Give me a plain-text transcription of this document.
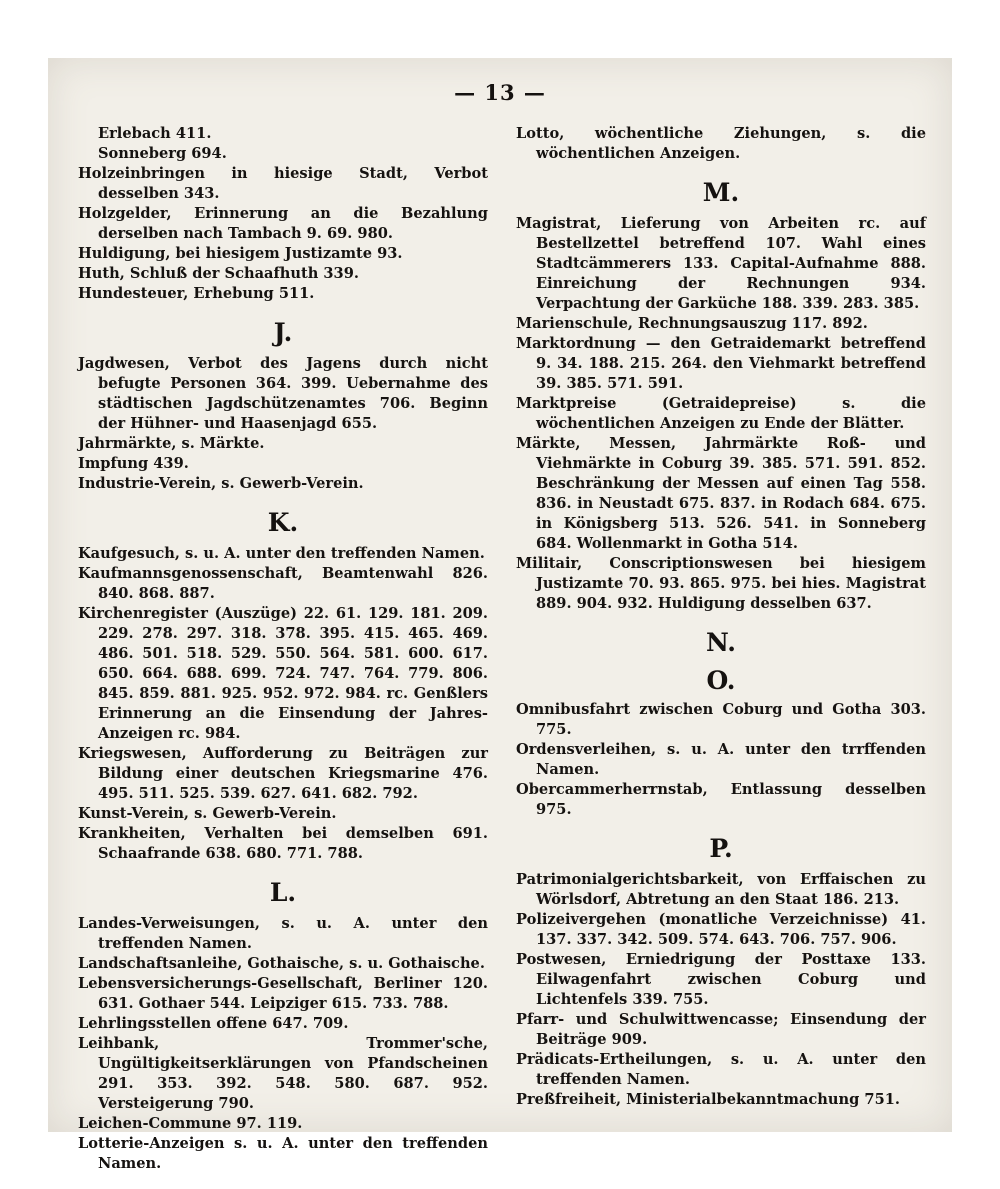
— 13 —

Erlebach 411.

Sonneberg 694.

Holzeinbringen in hiesige Stadt, Verbot desselben 343.

Holzgelder, Erinnerung an die Bezahlung derselben nach Tambach 9. 69. 980.

Huldigung, bei hiesigem Justizamte 93.

Huth, Schluß der Schaafhuth 339.

Hundesteuer, Erhebung 511.

J.

Jagdwesen, Verbot des Jagens durch nicht befugte Personen 364. 399. Uebernahme des städtischen Jagdschützenamtes 706. Beginn der Hühner- und Haasenjagd 655.

Jahrmärkte, s. Märkte.

Impfung 439.

Industrie-Verein, s. Gewerb-Verein.

K.

Kaufgesuch, s. u. A. unter den treffenden Namen.

Kaufmannsgenossenschaft, Beamtenwahl 826. 840. 868. 887.

Kirchenregister (Auszüge) 22. 61. 129. 181. 209. 229. 278. 297. 318. 378. 395. 415. 465. 469. 486. 501. 518. 529. 550. 564. 581. 600. 617. 650. 664. 688. 699. 724. 747. 764. 779. 806. 845. 859. 881. 925. 952. 972. 984. rc. Genßlers Erinnerung an die Einsendung der Jahres-Anzeigen rc. 984.

Kriegswesen, Aufforderung zu Beiträgen zur Bildung einer deutschen Kriegsmarine 476. 495. 511. 525. 539. 627. 641. 682. 792.

Kunst-Verein, s. Gewerb-Verein.

Krankheiten, Verhalten bei demselben 691. Schaafrande 638. 680. 771. 788.

L.

Landes-Verweisungen, s. u. A. unter den treffenden Namen.

Landschaftsanleihe, Gothaische, s. u. Gothaische.

Lebensversicherungs-Gesellschaft, Berliner 120. 631. Gothaer 544. Leipziger 615. 733. 788.

Lehrlingsstellen offene 647. 709.

Leihbank, Trommer'sche, Ungültigkeitserklärungen von Pfandscheinen 291. 353. 392. 548. 580. 687. 952. Versteigerung 790.

Leichen-Commune 97. 119.

Lotterie-Anzeigen s. u. A. unter den treffenden Namen.

Lotto, wöchentliche Ziehungen, s. die wöchentlichen Anzeigen.

M.

Magistrat, Lieferung von Arbeiten rc. auf Bestellzettel betreffend 107. Wahl eines Stadtcämmerers 133. Capital-Aufnahme 888. Einreichung der Rechnungen 934. Verpachtung der Garküche 188. 339. 283. 385.

Marienschule, Rechnungsauszug 117. 892.

Marktordnung — den Getraidemarkt betreffend 9. 34. 188. 215. 264. den Viehmarkt betreffend 39. 385. 571. 591.

Marktpreise (Getraidepreise) s. die wöchentlichen Anzeigen zu Ende der Blätter.

Märkte, Messen, Jahrmärkte Roß- und Viehmärkte in Coburg 39. 385. 571. 591. 852. Beschränkung der Messen auf einen Tag 558. 836. in Neustadt 675. 837. in Rodach 684. 675. in Königsberg 513. 526. 541. in Sonneberg 684. Wollenmarkt in Gotha 514.

Militair, Conscriptionswesen bei hiesigem Justizamte 70. 93. 865. 975. bei hies. Magistrat 889. 904. 932. Huldigung desselben 637.

N.
O.

Omnibusfahrt zwischen Coburg und Gotha 303. 775.

Ordensverleihen, s. u. A. unter den trrffenden Namen.

Obercammerherrnstab, Entlassung desselben 975.

P.

Patrimonialgerichtsbarkeit, von Erffaischen zu Wörlsdorf, Abtretung an den Staat 186. 213.

Polizeivergehen (monatliche Verzeichnisse) 41. 137. 337. 342. 509. 574. 643. 706. 757. 906.

Postwesen, Erniedrigung der Posttaxe 133. Eilwagenfahrt zwischen Coburg und Lichtenfels 339. 755.

Pfarr- und Schulwittwencasse; Einsendung der Beiträge 909.

Prädicats-Ertheilungen, s. u. A. unter den treffenden Namen.

Preßfreiheit, Ministerialbekanntmachung 751.
